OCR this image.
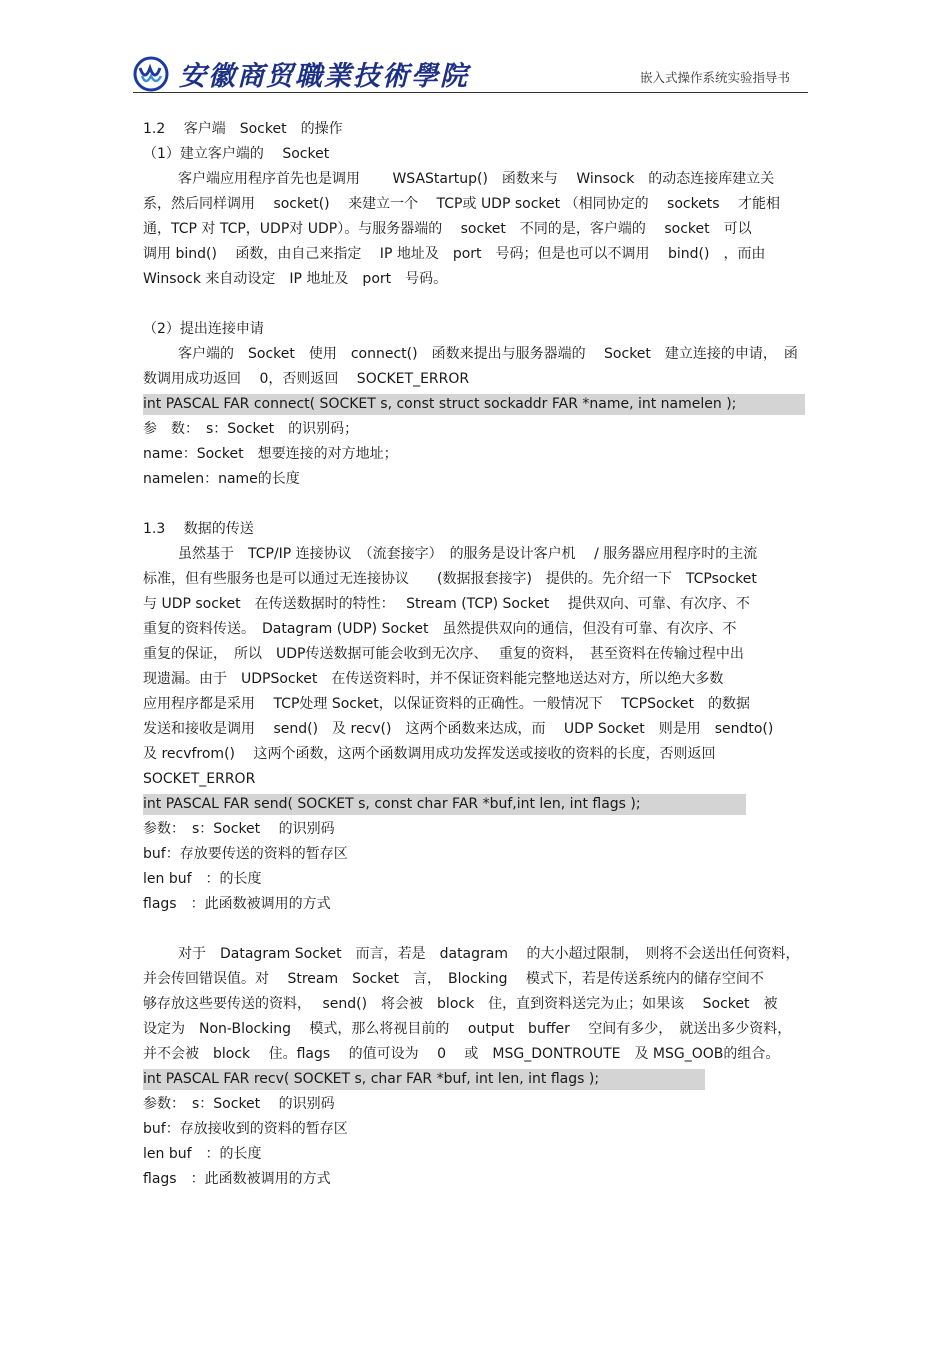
安徽商贸職業技術學院	嵌入式操作系统实验指导书
1.2　 客户端　Socket　的操作
（1）建立客户端的　 Socket
客户端应用程序首先也是调用　 　WSAStartup()　函数来与　 Winsock　的动态连接库建立关
系，然后同样调用　 socket()　 来建立一个　 TCP或 UDP socket （相同协定的　 sockets　 才能相
通，TCP 对 TCP，UDP对 UDP）。与服务器端的　 socket　不同的是，客户端的　 socket　可以
调用 bind()　 函数，由自己来指定　 IP 地址及　port　号码；但是也可以不调用　 bind()　，而由
Winsock 来自动设定　IP 地址及　port　号码。
（2）提出连接申请
客户端的　Socket　使用　connect()　函数来提出与服务器端的　 Socket　建立连接的申请，　函
数调用成功返回　 0，否则返回　 SOCKET_ERROR
int PASCAL FAR connect( SOCKET s, const struct sockaddr FAR *name, int namelen );
参　数：　s：Socket　的识别码；
name：Socket　想要连接的对方地址；
namelen：name的长度
1.3　 数据的传送
虽然基于　TCP/IP 连接协议　（流套接字）　的服务是设计客户机　 / 服务器应用程序时的主流
标准，但有些服务也是可以通过无连接协议　　(数据报套接字)　提供的。先介绍一下　TCPsocket
与 UDP socket　在传送数据时的特性：　 Stream (TCP) Socket　 提供双向、可靠、有次序、不
重复的资料传送。　Datagram (UDP) Socket　虽然提供双向的通信，但没有可靠、有次序、不
重复的保证，　所以　UDP传送数据可能会收到无次序、　 重复的资料，　甚至资料在传输过程中出
现遗漏。由于　UDPSocket　在传送资料时，并不保证资料能完整地送达对方，所以绝大多数
应用程序都是采用　 TCP处理 Socket，以保证资料的正确性。一般情况下　 TCPSocket　的数据
发送和接收是调用　 send()　及 recv()　这两个函数来达成，而　 UDP Socket　则是用　sendto()
及 recvfrom()　 这两个函数，这两个函数调用成功发挥发送或接收的资料的长度，否则返回
SOCKET_ERROR
int PASCAL FAR send( SOCKET s, const char FAR *buf,int len, int flags );
参数：　s：Socket　 的识别码
buf：存放要传送的资料的暂存区
len buf　：的长度
flags　：此函数被调用的方式
对于　Datagram Socket　而言，若是　datagram　 的大小超过限制，　则将不会送出任何资料，
并会传回错误值。对　 Stream　Socket　言，　Blocking　 模式下，若是传送系统内的储存空间不
够存放这些要传送的资料，　 send()　将会被　block　住，直到资料送完为止；如果该　 Socket　被
设定为　Non-Blocking　 模式，那么将视目前的　 output　buffer　 空间有多少，　就送出多少资料，
并不会被　block　 住。flags　 的值可设为　 0　 或　MSG_DONTROUTE　及 MSG_OOB的组合。
int PASCAL FAR recv( SOCKET s, char FAR *buf, int len, int flags );
参数：　s：Socket　 的识别码
buf：存放接收到的资料的暂存区
len buf　：的长度
flags　：此函数被调用的方式
